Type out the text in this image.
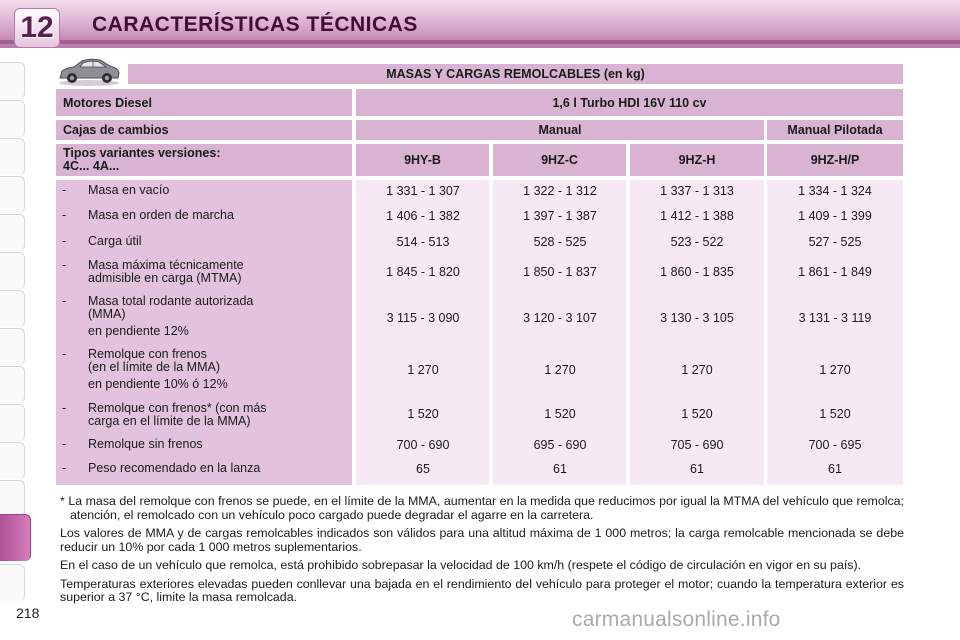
12	CARACTERÍSTICAS TÉCNICAS
MASAS Y CARGAS REMOLCABLES (en kg)
Motores Diesel	1,6 l Turbo HDI 16V 110 cv
Cajas de cambios	Manual	Manual Pilotada
Tipos variantes versiones:
4C... 4A...	9HY-B	9HZ-C	9HZ-H	9HZ-H/P
- Masa en vacío	1 331 - 1 307	1 322 - 1 312	1 337 - 1 313	1 334 - 1 324
- Masa en orden de marcha	1 406 - 1 382	1 397 - 1 387	1 412 - 1 388	1 409 - 1 399
- Carga útil	514 - 513	528 - 525	523 - 522	527 - 525
- Masa máxima técnicamente
admisible en carga (MTMA)	1 845 - 1 820	1 850 - 1 837	1 860 - 1 835	1 861 - 1 849
- Masa total rodante autorizada
(MMA)
en pendiente 12%
3 115 - 3 090	3 120 - 3 107	3 130 - 3 105	3 131 - 3 119
- Remolque con frenos
(en el límite de la MMA)
en pendiente 10% ó 12%
1 270	1 270	1 270	1 270
- Remolque con frenos* (con más
carga en el límite de la MMA)	1 520	1 520	1 520	1 520
- Remolque sin frenos	700 - 690	695 - 690	705 - 690	700 - 695
- Peso recomendado en la lanza	65	61	61	61

* La masa del remolque con frenos se puede, en el límite de la MMA, aumentar en la medida que reducimos por igual la MTMA del vehículo que remolca; atención, el remolcado con un vehículo poco cargado puede degradar el agarre en la carretera.

Los valores de MMA y de cargas remolcables indicados son válidos para una altitud máxima de 1 000 metros; la carga remolcable mencionada se debe reducir un 10% por cada 1 000 metros suplementarios.

En el caso de un vehículo que remolca, está prohibido sobrepasar la velocidad de 100 km/h (respete el código de circulación en vigor en su país).

Temperaturas exteriores elevadas pueden conllevar una bajada en el rendimiento del vehículo para proteger el motor; cuando la temperatura exterior es superior a 37 °C, limite la masa remolcada.

218	carmanualsonline.info
